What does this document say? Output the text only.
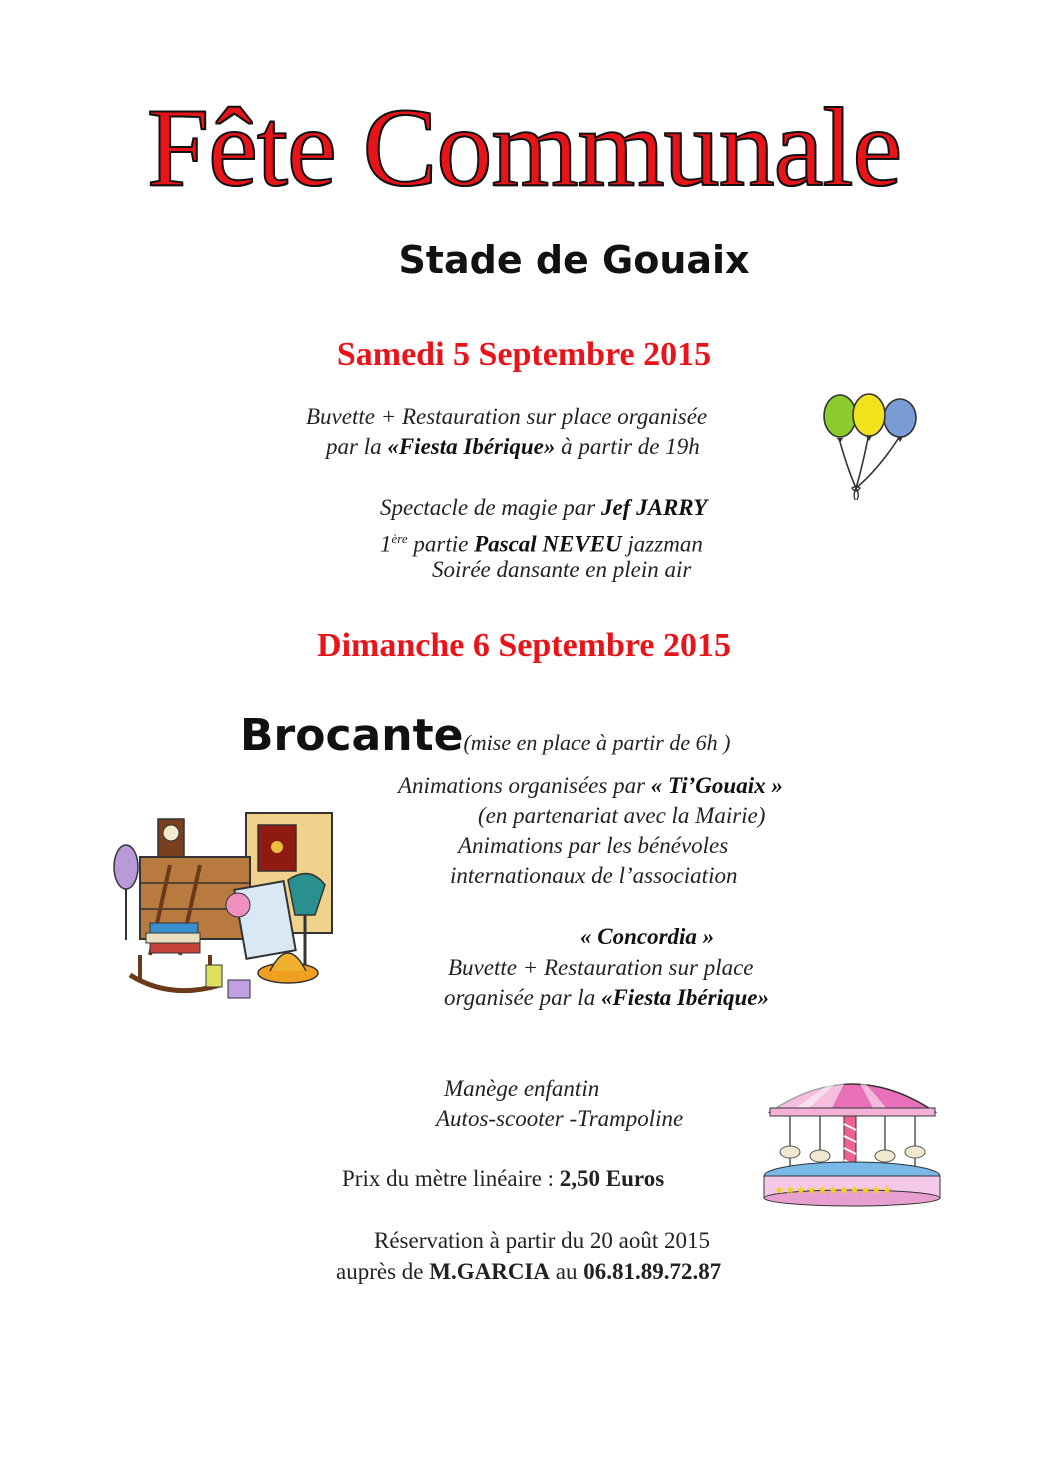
Fête Communale
Stade de Gouaix
Samedi 5 Septembre 2015
Buvette + Restauration sur place organisée
par la «Fiesta Ibérique» à partir de 19h
Spectacle de magie par Jef JARRY
1ère partie Pascal NEVEU jazzman
Soirée dansante en plein air
Dimanche 6 Septembre 2015
Brocante(mise en place à partir de 6h )
Animations organisées par « Ti’Gouaix »
(en partenariat avec la Mairie)
Animations par les bénévoles
internationaux de l’association
« Concordia »
Buvette + Restauration sur place
organisée par la «Fiesta Ibérique»
Manège enfantin
Autos-scooter -Trampoline
★★★★★★★★★★★
Prix du mètre linéaire : 2,50 Euros
Réservation à partir du 20 août 2015
auprès de M.GARCIA au 06.81.89.72.87
